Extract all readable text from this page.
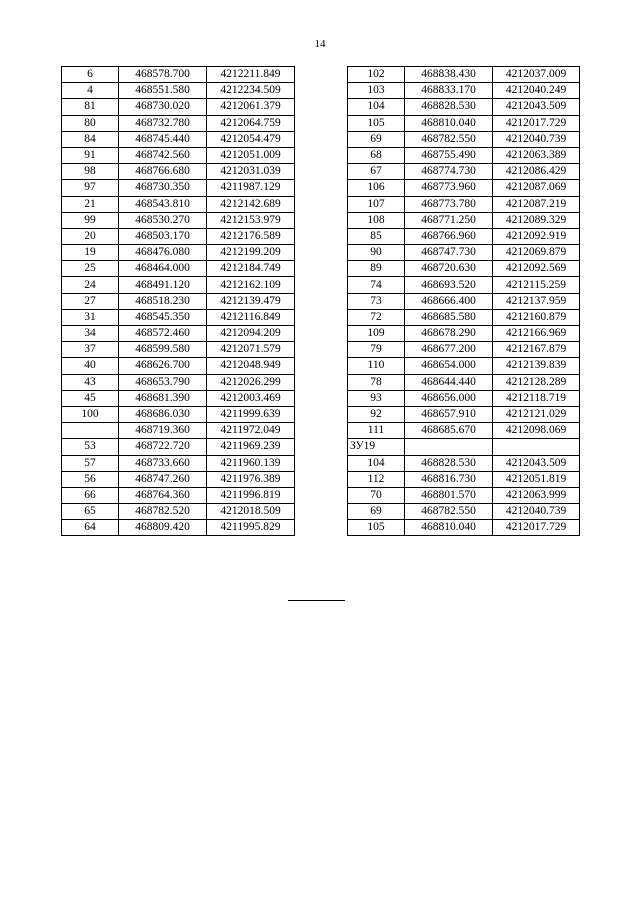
14
6	468578.700	4212211.849
4	468551.580	4212234.509
81	468730.020	4212061.379
80	468732.780	4212064.759
84	468745.440	4212054.479
91	468742.560	4212051.009
98	468766.680	4212031.039
97	468730.350	4211987.129
21	468543.810	4212142.689
99	468530.270	4212153.979
20	468503.170	4212176.589
19	468476.080	4212199.209
25	468464.000	4212184.749
24	468491.120	4212162.109
27	468518.230	4212139.479
31	468545.350	4212116.849
34	468572.460	4212094.209
37	468599.580	4212071.579
40	468626.700	4212048.949
43	468653.790	4212026.299
45	468681.390	4212003.469
100	468686.030	4211999.639
	468719.360	4211972.049
53	468722.720	4211969.239
57	468733.660	4211960.139
56	468747.260	4211976.389
66	468764.360	4211996.819
65	468782.520	4212018.509
64	468809.420	4211995.829
102	468838.430	4212037.009
103	468833.170	4212040.249
104	468828.530	4212043.509
105	468810.040	4212017.729
69	468782.550	4212040.739
68	468755.490	4212063.389
67	468774.730	4212086.429
106	468773.960	4212087.069
107	468773.780	4212087.219
108	468771.250	4212089.329
85	468766.960	4212092.919
90	468747.730	4212069.879
89	468720.630	4212092.569
74	468693.520	4212115.259
73	468666.400	4212137.959
72	468685.580	4212160.879
109	468678.290	4212166.969
79	468677.200	4212167.879
110	468654.000	4212139.839
78	468644.440	4212128.289
93	468656.000	4212118.719
92	468657.910	4212121.029
111	468685.670	4212098.069
ЗУ19		
104	468828.530	4212043.509
112	468816.730	4212051.819
70	468801.570	4212063.999
69	468782.550	4212040.739
105	468810.040	4212017.729
